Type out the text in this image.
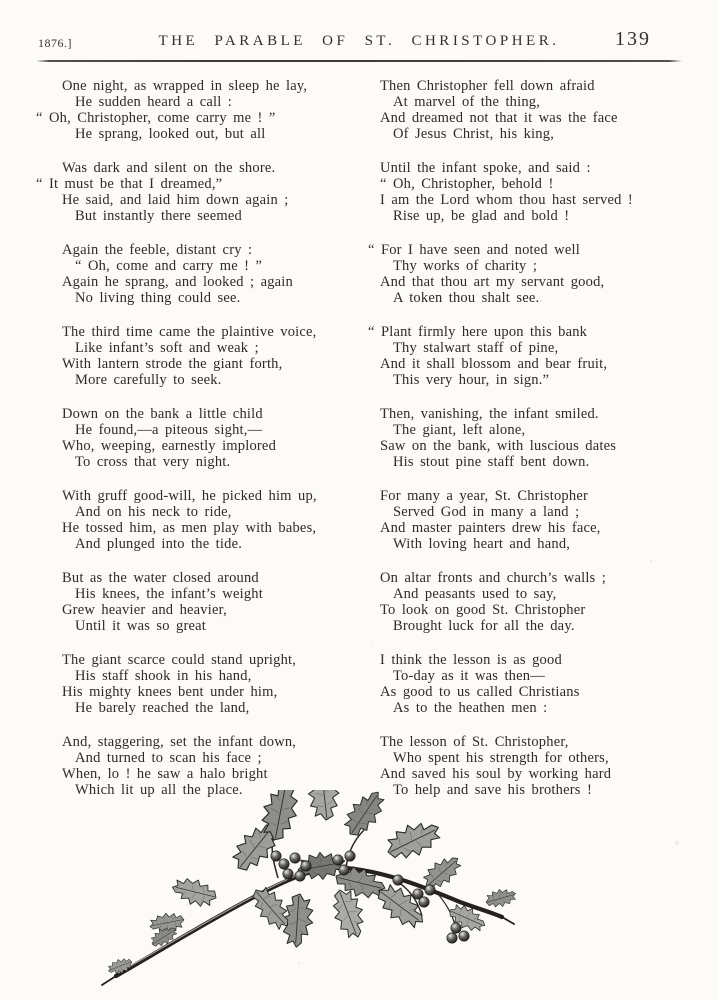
1876.]	THE PARABLE OF ST. CHRISTOPHER.	139
One night, as wrapped in sleep he lay,
He sudden heard a call :
“ Oh, Christopher, come carry me ! ”
He sprang, looked out, but all
Was dark and silent on the shore.
“ It must be that I dreamed,”
He said, and laid him down again ;
But instantly there seemed
Again the feeble, distant cry :
“ Oh, come and carry me ! ”
Again he sprang, and looked ; again
No living thing could see.
The third time came the plaintive voice,
Like infant’s soft and weak ;
With lantern strode the giant forth,
More carefully to seek.
Down on the bank a little child
He found,—a piteous sight,—
Who, weeping, earnestly implored
To cross that very night.
With gruff good-will, he picked him up,
And on his neck to ride,
He tossed him, as men play with babes,
And plunged into the tide.
But as the water closed around
His knees, the infant’s weight
Grew heavier and heavier,
Until it was so great
The giant scarce could stand upright,
His staff shook in his hand,
His mighty knees bent under him,
He barely reached the land,
And, staggering, set the infant down,
And turned to scan his face ;
When, lo ! he saw a halo bright
Which lit up all the place.
Then Christopher fell down afraid
At marvel of the thing,
And dreamed not that it was the face
Of Jesus Christ, his king,
Until the infant spoke, and said :
“ Oh, Christopher, behold !
I am the Lord whom thou hast served !
Rise up, be glad and bold !
“ For I have seen and noted well
Thy works of charity ;
And that thou art my servant good,
A token thou shalt see.
“ Plant firmly here upon this bank
Thy stalwart staff of pine,
And it shall blossom and bear fruit,
This very hour, in sign.”
Then, vanishing, the infant smiled.
The giant, left alone,
Saw on the bank, with luscious dates
His stout pine staff bent down.
For many a year, St. Christopher
Served God in many a land ;
And master painters drew his face,
With loving heart and hand,
On altar fronts and church’s walls ;
And peasants used to say,
To look on good St. Christopher
Brought luck for all the day.
I think the lesson is as good
To-day as it was then—
As good to us called Christians
As to the heathen men :
The lesson of St. Christopher,
Who spent his strength for others,
And saved his soul by working hard
To help and save his brothers !
